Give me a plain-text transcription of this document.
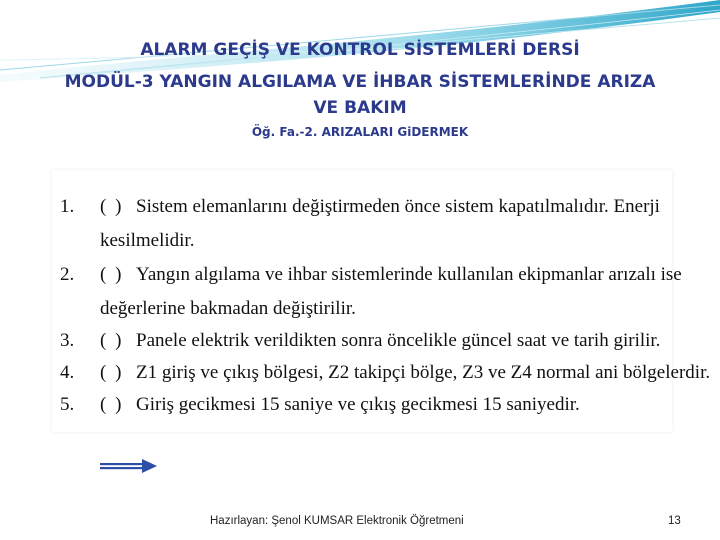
ALARM GEÇİŞ VE KONTROL SİSTEMLERİ DERSİ
MODÜL-3 YANGIN ALGILAMA VE İHBAR SİSTEMLERİNDE ARIZA
VE BAKIM
Öğ. Fa.-2. ARIZALARI GiDERMEK
1. ( ) Sistem elemanlarını değiştirmeden önce sistem kapatılmalıdır. Enerji
kesilmelidir.
2. ( ) Yangın algılama ve ihbar sistemlerinde kullanılan ekipmanlar arızalı ise
değerlerine bakmadan değiştirilir.
3. ( ) Panele elektrik verildikten sonra öncelikle güncel saat ve tarih girilir.
4. ( ) Z1 giriş ve çıkış bölgesi, Z2 takipçi bölge, Z3 ve Z4 normal ani bölgelerdir.
5. ( ) Giriş gecikmesi 15 saniye ve çıkış gecikmesi 15 saniyedir.
Hazırlayan: Şenol KUMSAR Elektronik Öğretmeni	13
